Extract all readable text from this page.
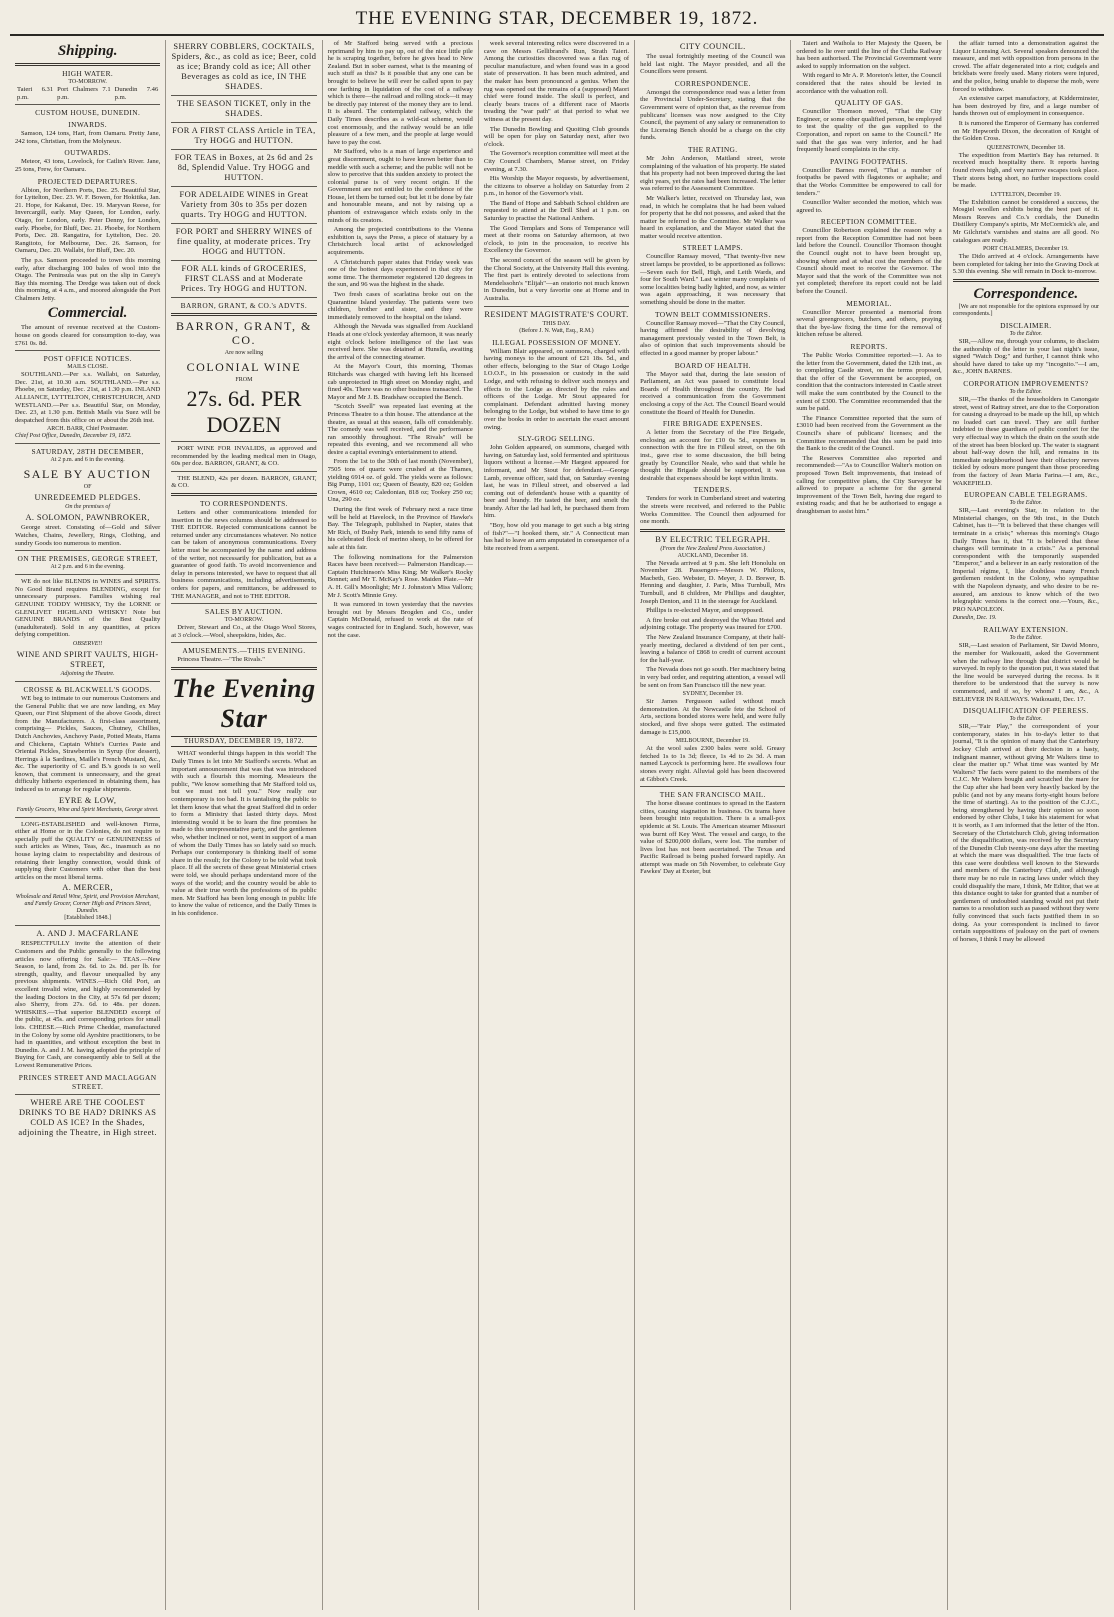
THE EVENING STAR, DECEMBER 19, 1872.
Shipping.
HIGH WATER.
TO-MORROW.
Taieri 6.31 p.m.	Port Chalmers 7.1 p.m.	Dunedin 7.46 p.m.
CUSTOM HOUSE, DUNEDIN.
INWARDS.

Samson, 124 tons, Hart, from Oamaru. Pretty Jane, 242 tons, Christian, from the Molyneux.

OUTWARDS.

Meteor, 43 tons, Lovelock, for Catlin's River. Jane, 25 tons, Frew, for Oamaru.

PROJECTED DEPARTURES.

Albion, for Northern Ports, Dec. 25. Beautiful Star, for Lyttelton, Dec. 23. W. F. Bowen, for Hokitika, Jan. 21. Hope, for Kakanui, Dec. 19. Maryvan Reese, for Invercargill, early. May Queen, for London, early. Otago, for London, early. Peter Denny, for London, early. Phoebe, for Bluff, Dec. 21. Phoebe, for Northern Ports, Dec. 28. Rangatira, for Lyttelton, Dec. 20. Rangitoto, for Melbourne, Dec. 26. Samson, for Oamaru, Dec. 20. Wallabi, for Bluff, Dec. 20.

The p.s. Samson proceeded to town this morning early, after discharging 100 bales of wool into the Otago. The Peninsula was put on the slip in Carey's Bay this morning. The Dredge was taken out of dock this morning, at 4 a.m., and moored alongside the Port Chalmers Jetty.

Commercial.

The amount of revenue received at the Custom-house on goods cleared for consumption to-day, was £761 0s. 8d.

POST OFFICE NOTICES.
MAILS CLOSE.

SOUTHLAND.—Per s.s. Wallabi, on Saturday, Dec. 21st, at 10.30 a.m. SOUTHLAND.—Per s.s. Phoebe, on Saturday, Dec. 21st, at 1.30 p.m. INLAND ALLIANCE, LYTTELTON, CHRISTCHURCH, AND WESTLAND.—Per s.s. Beautiful Star, on Monday, Dec. 23, at 1.30 p.m. British Mails via Suez will be despatched from this office on or about the 26th inst.

ARCH. BARR, Chief Postmaster.
Chief Post Office, Dunedin, December 19, 1872.
SATURDAY, 28TH DECEMBER,
At 2 p.m. and 6 in the evening.
SALE BY AUCTION
OF
UNREDEEMED PLEDGES.
On the premises of
A. SOLOMON, PAWNBROKER,

George street. Consisting of—Gold and Silver Watches, Chains, Jewellery, Rings, Clothing, and sundry Goods too numerous to mention.

ON THE PREMISES, GEORGE STREET,
At 2 p.m. and 6 in the evening.

WE do not like BLENDS in WINES and SPIRITS. No Good Brand requires BLENDING, except for unnecessary purposes. Families wishing real GENUINE TODDY WHISKY, Try the LORNE or GLENLIVET HIGHLAND WHISKY! Note but GENUINE BRANDS of the Best Quality (unadulterated). Sold in any quantities, at prices defying competition.

OBSERVE!!
WINE AND SPIRIT VAULTS, HIGH-STREET,
Adjoining the Theatre.
CROSSE & BLACKWELL'S GOODS.

WE beg to intimate to our numerous Customers and the General Public that we are now landing, ex May Queen, our First Shipment of the above Goods, direct from the Manufacturers. A first-class assortment, comprising— Pickles, Sauces, Chutney, Chillies, Dutch Anchovies, Anchovy Paste, Potted Meats, Hams and Chickens, Captain White's Curries Paste and Oriental Pickles, Strawberries in Syrup (for dessert), Herrings à la Sardines, Maille's French Mustard, &c., &c. The superiority of C. and B.'s goods is so well known, that comment is unnecessary, and the great difficulty hitherto experienced in obtaining them, has induced us to arrange for regular shipments.

EYRE & LOW,
Family Grocers, Wine and Spirit Merchants, George street.

LONG-ESTABLISHED and well-known Firms, either at Home or in the Colonies, do not require to specially puff the QUALITY or GENUINENESS of such articles as Wines, Teas, &c., inasmuch as no house laying claim to respectability and desirous of retaining their lengthy connection, would think of supplying their Customers with other than the best articles on the most liberal terms.

A. MERCER,
Wholesale and Retail Wine, Spirit, and Provision Merchant, and Family Grocer, Corner High and Princes Street, Dunedin.
[Established 1848.]
A. AND J. MACFARLANE

RESPECTFULLY invite the attention of their Customers and the Public generally to the following articles now offering for Sale:— TEAS.—New Season, to land, from 2s. 6d. to 2s. 8d. per lb. for strength, quality, and flavour unequalled by any previous shipments. WINES.—Rich Old Port, an excellent invalid wine, and highly recommended by the leading Doctors in the City, at 57s 6d per dozen; also Sherry, from 27s. 6d. to 48s. per dozen. WHISKIES.—That superior BLENDED excerpt of the public, at 45s. and corresponding prices for small lots. CHEESE.—Rich Prime Cheddar, manufactured in the Colony by some old Ayrshire practitioners, to be had in quantities, and without exception the best in Dunedin. A. and J. M. having adopted the principle of Buying for Cash, are consequently able to Sell at the Lowest Remunerative Prices.

PRINCES STREET AND MACLAGGAN STREET.
WHERE ARE THE COOLEST DRINKS TO BE HAD? DRINKS AS COLD AS ICE? In the Shades, adjoining the Theatre, in High street.
SHERRY COBBLERS, COCKTAILS, Spiders, &c., as cold as ice; Beer, cold as ice; Brandy cold as ice; All other Beverages as cold as ice, IN THE SHADES.
THE SEASON TICKET, only in the SHADES.
FOR A FIRST CLASS Article in TEA, Try HOGG and HUTTON.
FOR TEAS in Boxes, at 2s 6d and 2s 8d, Splendid Value. Try HOGG and HUTTON.
FOR ADELAIDE WINES in Great Variety from 30s to 35s per dozen quarts. Try HOGG and HUTTON.
FOR PORT and SHERRY WINES of fine quality, at moderate prices. Try HOGG and HUTTON.
FOR ALL kinds of GROCERIES, FIRST CLASS and at Moderate Prices. Try HOGG and HUTTON.
BARRON, GRANT, & CO.'s ADVTS.
BARRON, GRANT, & CO.
Are now selling
COLONIAL WINE
FROM
27s. 6d. PER DOZEN

PORT WINE FOR INVALIDS, as approved and recommended by the leading medical men in Otago, 60s per doz. BARRON, GRANT, & CO.

THE BLEND, 42s per dozen. BARRON, GRANT, & CO.

TO CORRESPONDENTS.

Letters and other communications intended for insertion in the news columns should be addressed to THE EDITOR. Rejected communications cannot be returned under any circumstances whatever. No notice can be taken of anonymous communications. Every letter must be accompanied by the name and address of the writer, not necessarily for publication, but as a guarantee of good faith. To avoid inconvenience and delay in persons interested, we have to request that all business communications, including advertisements, orders for papers, and remittances, be addressed to THE MANAGER, and not to THE EDITOR.

SALES BY AUCTION.
TO-MORROW.

Driver, Stewart and Co., at the Otago Wool Stores, at 3 o'clock.—Wool, sheepskins, hides, &c.

AMUSEMENTS.—THIS EVENING.

Princess Theatre.—"The Rivals."

The Evening Star
THURSDAY, DECEMBER 19, 1872.

WHAT wonderful things happen in this world! The Daily Times is let into Mr Stafford's secrets. What an important announcement that was that was introduced with such a flourish this morning. Messieurs the public, "We know something that Mr Stafford told us, but we must not tell you." Now really our contemporary is too bad. It is tantalising the public to let them know that what the great Stafford did in order to form a Ministry that lasted thirty days. Most interesting would it be to learn the fine promises he made to this unrepresentative party, and the gentlemen who, whether inclined or not, went in support of a man of whom the Daily Times has so lately said so much. Perhaps our contemporary is thinking itself of some share in the result; for the Colony to be told what took place. If all the secrets of these great Ministerial crises were told, we should perhaps understand more of the ways of the world; and the country would be able to value at their true worth the professions of its public men. Mr Stafford has been long enough in public life to know the value of reticence, and the Daily Times is in his confidence.

of Mr Stafford being served with a precious reprimand by him to pay up, out of the nice little pile he is scraping together, before he gives head to New Zealand. But in sober earnest, what is the meaning of such stuff as this? Is it possible that any one can be brought to believe he will ever be called upon to pay one farthing in liquidation of the cost of a railway which is there—the railroad and rolling stock—it may be directly pay interest of the money they are to lend. It is absurd. The contemplated railway, which the Daily Times describes as a wild-cat scheme, would cost enormously, and the railway would be an idle pleasure of a few men, and the people at large would have to pay the cost.

Mr Stafford, who is a man of large experience and great discernment, ought to have known better than to meddle with such a scheme; and the public will not be slow to perceive that this sudden anxiety to protect the colonial purse is of very recent origin. If the Government are not entitled to the confidence of the House, let them be turned out; but let it be done by fair and honourable means, and not by raising up a phantom of extravagance which exists only in the minds of its creators.

Among the projected contributions to the Vienna exhibition is, says the Press, a piece of statuary by a Christchurch local artist of acknowledged acquirements.

A Christchurch paper states that Friday week was one of the hottest days experienced in that city for some time. The thermometer registered 120 degrees in the sun, and 96 was the highest in the shade.

Two fresh cases of scarlatina broke out on the Quarantine Island yesterday. The patients were two children, brother and sister, and they were immediately removed to the hospital on the island.

Although the Nevada was signalled from Auckland Heads at one o'clock yesterday afternoon, it was nearly eight o'clock before intelligence of the last was received here. She was detained at Hunsila, awaiting the arrival of the connecting steamer.

At the Mayor's Court, this morning, Thomas Ritchards was charged with having left his licensed cab unprotected in High street on Monday night, and fined 40s. There was no other business transacted. The Mayor and Mr J. B. Bradshaw occupied the Bench.

"Scotch Swell" was repeated last evening at the Princess Theatre to a thin house. The attendance at the theatre, as usual at this season, falls off considerably. The comedy was well received, and the performance ran smoothly throughout. "The Rivals" will be repeated this evening, and we recommend all who desire a capital evening's entertainment to attend.

From the 1st to the 30th of last month (November), 7505 tons of quartz were crushed at the Thames, yielding 6914 oz. of gold. The yields were as follows: Big Pump, 1101 oz; Queen of Beauty, 820 oz; Golden Crown, 4610 oz; Caledonian, 818 oz; Tookey 250 oz; Una, 290 oz.

During the first week of February next a race time will be held at Havelock, in the Province of Hawke's Bay. The Telegraph, published in Napier, states that Mr Rich, of Bushy Park, intends to send fifty rams of his celebrated flock of merino sheep, to be offered for sale at this fair.

The following nominations for the Palmerston Races have been received:— Palmerston Handicap.—Captain Hutchinson's Miss King; Mr Walker's Rocky Bonnet; and Mr T. McKay's Rose. Maiden Plate.—Mr A. H. Gill's Moonlight; Mr J. Johnston's Miss Vallom; Mr J. Scott's Minnie Grey.

It was rumored in town yesterday that the navvies brought out by Messrs Brogden and Co., under Captain McDonald, refused to work at the rate of wages contracted for in England. Such, however, was not the case.

week several interesting relics were discovered in a cave on Messrs Gellibrand's Run, Strath Taieri. Among the curiosities discovered was a flax rug of peculiar manufacture, and when found was in a good state of preservation. It has been much admired, and the maker has been pronounced a genius. When the rug was opened out the remains of a (supposed) Maori chief were found inside. The skull is perfect, and clearly bears traces of a different race of Maoris treading the "war path" at that period to what we witness at the present day.

The Dunedin Bowling and Quoiting Club grounds will be open for play on Saturday next, after two o'clock.

The Governor's reception committee will meet at the City Council Chambers, Manse street, on Friday evening, at 7.30.

His Worship the Mayor requests, by advertisement, the citizens to observe a holiday on Saturday from 2 p.m., in honor of the Governor's visit.

The Band of Hope and Sabbath School children are requested to attend at the Drill Shed at 1 p.m. on Saturday to practise the National Anthem.

The Good Templars and Sons of Temperance will meet at their rooms on Saturday afternoon, at two o'clock, to join in the procession, to receive his Excellency the Governor.

The second concert of the season will be given by the Choral Society, at the University Hall this evening. The first part is entirely devoted to selections from Mendelssohn's "Elijah"—an oratorio not much known in Dunedin, but a very favorite one at Home and in Australia.

RESIDENT MAGISTRATE'S COURT.
THIS DAY.
(Before J. N. Watt, Esq., R.M.)
ILLEGAL POSSESSION OF MONEY.

William Blair appeared, on summons, charged with having moneys to the amount of £21 18s. 5d., and other effects, belonging to the Star of Otago Lodge I.O.O.F., in his possession or custody in the said Lodge, and with refusing to deliver such moneys and effects to the Lodge as directed by the rules and officers of the Lodge. Mr Stout appeared for complainant. Defendant admitted having money belonging to the Lodge, but wished to have time to go over the books in order to ascertain the exact amount owing.

SLY-GROG SELLING.

John Golden appeared, on summons, charged with having, on Saturday last, sold fermented and spirituous liquors without a license.—Mr Hargest appeared for informant, and Mr Stout for defendant.—George Lamb, revenue officer, said that, on Saturday evening last, he was in Filleul street, and observed a lad coming out of defendant's house with a quantity of beer and brandy. He tasted the beer, and smelt the brandy. After the lad had left, he purchased them from him.

"Boy, how old you manage to get such a big string of fish?"—"I hooked them, sir." A Connecticut man has had to leave an arm amputated in consequence of a bite received from a serpent.

CITY COUNCIL.

The usual fortnightly meeting of the Council was held last night. The Mayor presided, and all the Councillors were present.

CORRESPONDENCE.

Amongst the correspondence read was a letter from the Provincial Under-Secretary, stating that the Government were of opinion that, as the revenue from publicans' licenses was now assigned to the City Council, the payment of any salary or remuneration to the Licensing Bench should be a charge on the city funds.

THE RATING.

Mr John Anderson, Maitland street, wrote complaining of the valuation of his property. He stated that his property had not been improved during the last eight years, yet the rates had been increased. The letter was referred to the Assessment Committee.

Mr Walker's letter, received on Thursday last, was read, in which he complains that he had been valued for property that he did not possess, and asked that the matter be referred to the Committee. Mr Walker was heard in explanation, and the Mayor stated that the matter would receive attention.

STREET LAMPS.

Councillor Ramsay moved, "That twenty-five new street lamps be provided, to be apportioned as follows:—Seven each for Bell, High, and Leith Wards, and four for South Ward." Last winter many complaints of some localities being badly lighted, and now, as winter was again approaching, it was necessary that something should be done in the matter.

TOWN BELT COMMISSIONERS.

Councillor Ramsay moved—"That the City Council, having affirmed the desirability of devolving management previously vested in the Town Belt, is also of opinion that such improvements should be effected in a good manner by proper labour."

BOARD OF HEALTH.

The Mayor said that, during the late session of Parliament, an Act was passed to constitute local Boards of Health throughout the country. He had received a communication from the Government enclosing a copy of the Act. The Council Board would constitute the Board of Health for Dunedin.

FIRE BRIGADE EXPENSES.

A letter from the Secretary of the Fire Brigade, enclosing an account for £10 0s 5d., expenses in connection with the fire in Filleul street, on the 6th inst., gave rise to some discussion, the bill being greatly by Councillor Neale, who said that while he thought the Brigade should be supported, it was desirable that expenses should be kept within limits.

TENDERS.

Tenders for work in Cumberland street and watering the streets were received, and referred to the Public Works Committee. The Council then adjourned for one month.

BY ELECTRIC TELEGRAPH.
(From the New Zealand Press Association.)
AUCKLAND, December 18.

The Nevada arrived at 9 p.m. She left Honolulu on November 28. Passengers—Messrs W. Philcox, Macbeth, Geo. Webster, D. Meyer, J. D. Brewer, B. Henning and daughter, J. Paris, Miss Turnbull, Mrs Turnbull, and 8 children, Mr Phillips and daughter, Joseph Denton, and 11 in the steerage for Auckland.

Phillips is re-elected Mayor, and unopposed.

A fire broke out and destroyed the Whau Hotel and adjoining cottage. The property was insured for £700.

The New Zealand Insurance Company, at their half-yearly meeting, declared a dividend of ten per cent., leaving a balance of £868 to credit of current account for the half-year.

The Nevada does not go south. Her machinery being in very bad order, and requiring attention, a vessel will be sent on from San Francisco till the new year.

SYDNEY, December 19.

Sir James Fergusson sailed without much demonstration. At the Newcastle fete the School of Arts, sections bonded stores were held, and were fully stocked, and five shops were gutted. The estimated damage is £15,000.

MELBOURNE, December 19.

At the wool sales 2300 bales were sold. Greasy fetched 1s to 1s 3d; fleece, 1s 4d to 2s 3d. A man named Laycock is performing here. He swallows four stones every night. Alluvial gold has been discovered at Gibbot's Creek.

THE SAN FRANCISCO MAIL.

The horse disease continues to spread in the Eastern cities, causing stagnation in business. Ox teams have been brought into requisition. There is a small-pox epidemic at St. Louis. The American steamer Missouri was burnt off Key West. The vessel and cargo, to the value of $200,000 dollars, were lost. The number of lives lost has not been ascertained. The Texas and Pacific Railroad is being pushed forward rapidly. An attempt was made on 5th November, to celebrate Guy Fawkes' Day at Exeter, but

Taieri and Waihola to Her Majesty the Queen, be ordered to lie over until the line of the Clutha Railway has been authorised. The Provincial Government were asked to supply information on the subject.

With regard to Mr A. P. Moreton's letter, the Council considered that the rates should be levied in accordance with the valuation roll.

QUALITY OF GAS.

Councillor Thomson moved, "That the City Engineer, or some other qualified person, be employed to test the quality of the gas supplied to the Corporation, and report on same to the Council." He said that the gas was very inferior, and he had frequently heard complaints in the city.

PAVING FOOTPATHS.

Councillor Barnes moved, "That a number of footpaths be paved with flagstones or asphalte; and that the Works Committee be empowered to call for tenders."

Councillor Walter seconded the motion, which was agreed to.

RECEPTION COMMITTEE.

Councillor Robertson explained the reason why a report from the Reception Committee had not been laid before the Council. Councillor Thomson thought the Council ought not to have been brought up, showing where and at what cost the members of the Council should meet to receive the Governor. The Mayor said that the work of the Committee was not yet completed; therefore its report could not be laid before the Council.

MEMORIAL.

Councillor Mercer presented a memorial from several greengrocers, butchers, and others, praying that the bye-law fixing the time for the removal of kitchen refuse be altered.

REPORTS.

The Public Works Committee reported:—1. As to the letter from the Government, dated the 12th inst., as to completing Castle street, on the terms proposed, that the offer of the Government be accepted, on condition that the contractors interested in Castle street will make the sum contributed by the Council to the extent of £300. The Committee recommended that the sum be paid.

The Finance Committee reported that the sum of £3010 had been received from the Government as the Council's share of publicans' licenses; and the Committee recommended that this sum be paid into the Bank to the credit of the Council.

The Reserves Committee also reported and recommended:—"As to Councillor Walter's motion on proposed Town Belt improvements, that instead of calling for competitive plans, the City Surveyor be allowed to prepare a scheme for the general improvement of the Town Belt, having due regard to existing roads; and that he be authorised to engage a draughtsman to assist him."

the affair turned into a demonstration against the Liquor Licensing Act. Several speakers denounced the measure, and met with opposition from persons in the crowd. The affair degenerated into a riot; cudgels and brickbats were freely used. Many rioters were injured, and the police, being unable to disperse the mob, were forced to withdraw.

An extensive carpet manufactory, at Kidderminster, has been destroyed by fire, and a large number of hands thrown out of employment in consequence.

It is rumored the Emperor of Germany has conferred on Mr Hepworth Dixon, the decoration of Knight of the Golden Cross.

QUEENSTOWN, December 18.

The expedition from Martin's Bay has returned. It received much hospitality there. It reports having found rivers high, and very narrow escapes took place. Their stores being short, no further inspections could be made.

LYTTELTON, December 19.

The Exhibition cannot be considered a success, the Mosgiel woollen exhibits being the best part of it. Messrs Reeves and Co.'s cordials, the Dunedin Distillery Company's spirits, Mr McCormick's ale, and Mr Gilchrist's varnishes and stains are all good. No catalogues are ready.

PORT CHALMERS, December 19.

The Dido arrived at 4 o'clock. Arrangements have been completed for taking her into the Graving Dock at 5.30 this evening. She will remain in Dock to-morrow.

Correspondence.

[We are not responsible for the opinions expressed by our correspondents.]

DISCLAIMER.
To the Editor.

SIR,—Allow me, through your columns, to disclaim the authorship of the letter in your last night's issue, signed "Watch Dog;" and further, I cannot think who should have dared to take up my "incognito."—I am, &c., JOHN BARNES.

CORPORATION IMPROVEMENTS?
To the Editor.

SIR,—The thanks of the householders in Canongate street, west of Rattray street, are due to the Corporation for causing a drayroad to be made up the hill, up which no loaded cart can travel. They are still further indebted to these guardians of public comfort for the very effectual way in which the drain on the south side of the street has been blocked up. The water is stagnant about half-way down the hill, and remains in its immediate neighbourhood have their olfactory nerves tickled by odours more pungent than those proceeding from the factory of Jean Maria Farina.—I am, &c., WAKEFIELD.

EUROPEAN CABLE TELEGRAMS.
To the Editor.

SIR,—Last evening's Star, in relation to the Ministerial changes, on the 9th inst., in the Dutch Cabinet, has it—"It is believed that these changes will terminate in a crisis;" whereas this morning's Otago Daily Times has it, that "It is believed that these changes will terminate in a crisis." As a personal correspondent with the temporarily suspended "Emperor," and a believer in an early restoration of the Imperial régime, I, like doubtless many French gentlemen resident in the Colony, who sympathise with the Napoleon dynasty, and who desire to be re-assured, am anxious to know which of the two telegraphic versions is the correct one.—Yours, &c., PRO NAPOLEON.

Dunedin, Dec. 19.
RAILWAY EXTENSION.
To the Editor.

SIR,—Last session of Parliament, Sir David Monro, the member for Waikouaiti, asked the Government when the railway line through that district would be surveyed. In reply to the question put, it was stated that the line would be surveyed during the recess. Is it therefore to be understood that the survey is now commenced, and if so, by whom? I am, &c., A BELIEVER IN RAILWAYS. Waikouaiti, Dec. 17.

DISQUALIFICATION OF PEERESS.
To the Editor.

SIR,—"Fair Play," the correspondent of your contemporary, states in his to-day's letter to that journal, "It is the opinion of many that the Canterbury Jockey Club arrived at their decision in a hasty, indignant manner, without giving Mr Walters time to clear the matter up." What time was wanted by Mr Walters? The facts were patent to the members of the C.J.C. Mr Walters bought and scratched the mare for the Cup after she had been very heavily backed by the public (and not by any means forty-eight hours before the time of starting). As to the position of the C.J.C., being strengthened by having their opinion so soon endorsed by other Clubs, I take his statement for what it is worth, as I am informed that the letter of the Hon. Secretary of the Christchurch Club, giving information of the disqualification, was received by the Secretary of the Dunedin Club twenty-one days after the meeting at which the mare was disqualified. The true facts of this case were doubtless well known to the Stewards and members of the Canterbury Club, and although there may be no rule in racing laws under which they could disqualify the mare, I think, Mr Editor, that we at this distance ought to take for granted that a number of gentlemen of undoubted standing would not put their names to a resolution such as passed without they were fully convinced that such facts justified them in so doing. As your correspondent is inclined to favor certain suppositions of jealousy on the part of owners of horses, I think I may be allowed
